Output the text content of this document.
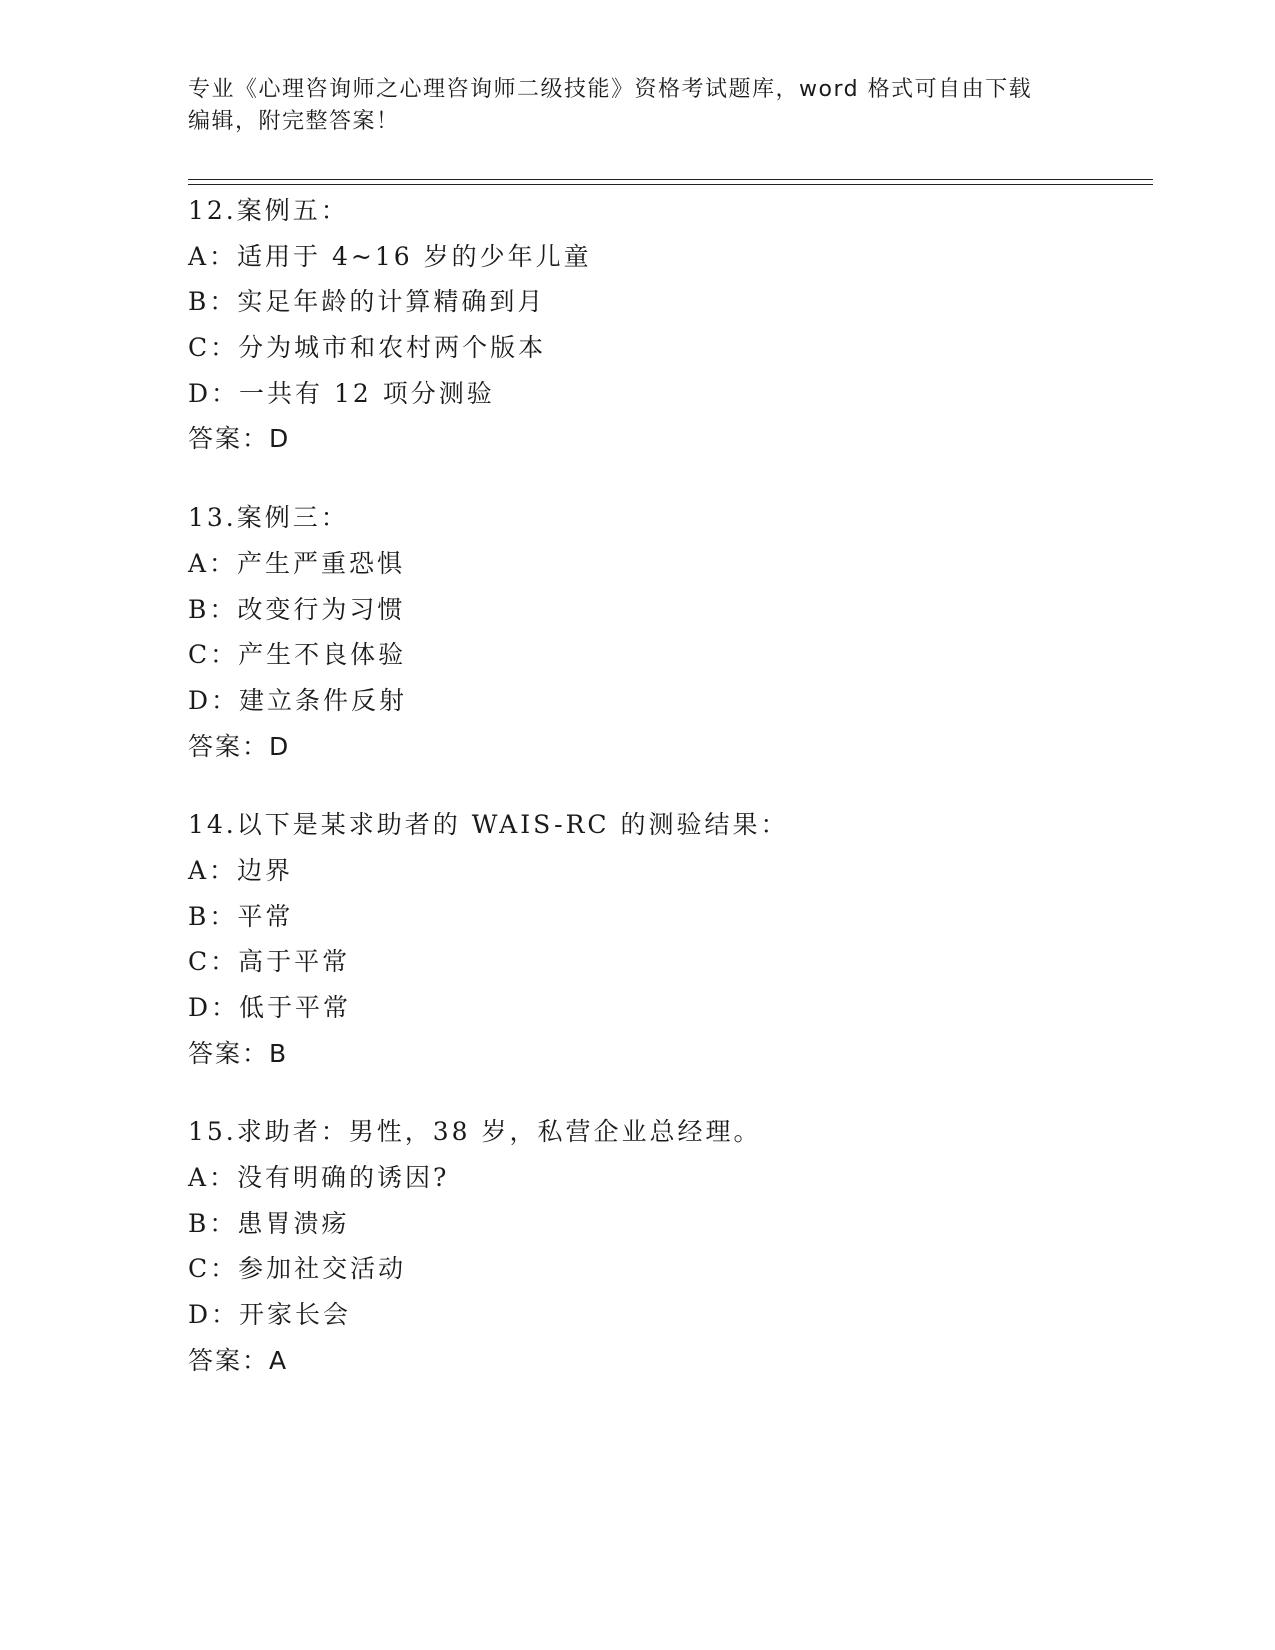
专业《心理咨询师之心理咨询师二级技能》资格考试题库，word 格式可自由下载
编辑，附完整答案！
12.案例五：
A：适用于 4~16 岁的少年儿童
B：实足年龄的计算精确到月
C：分为城市和农村两个版本
D：一共有 12 项分测验
答案：D
13.案例三：
A：产生严重恐惧
B：改变行为习惯
C：产生不良体验
D：建立条件反射
答案：D
14.以下是某求助者的 WAIS-RC 的测验结果：
A：边界
B：平常
C：高于平常
D：低于平常
答案：B
15.求助者：男性，38 岁，私营企业总经理。
A：没有明确的诱因?
B：患胃溃疡
C：参加社交活动
D：开家长会
答案：A
